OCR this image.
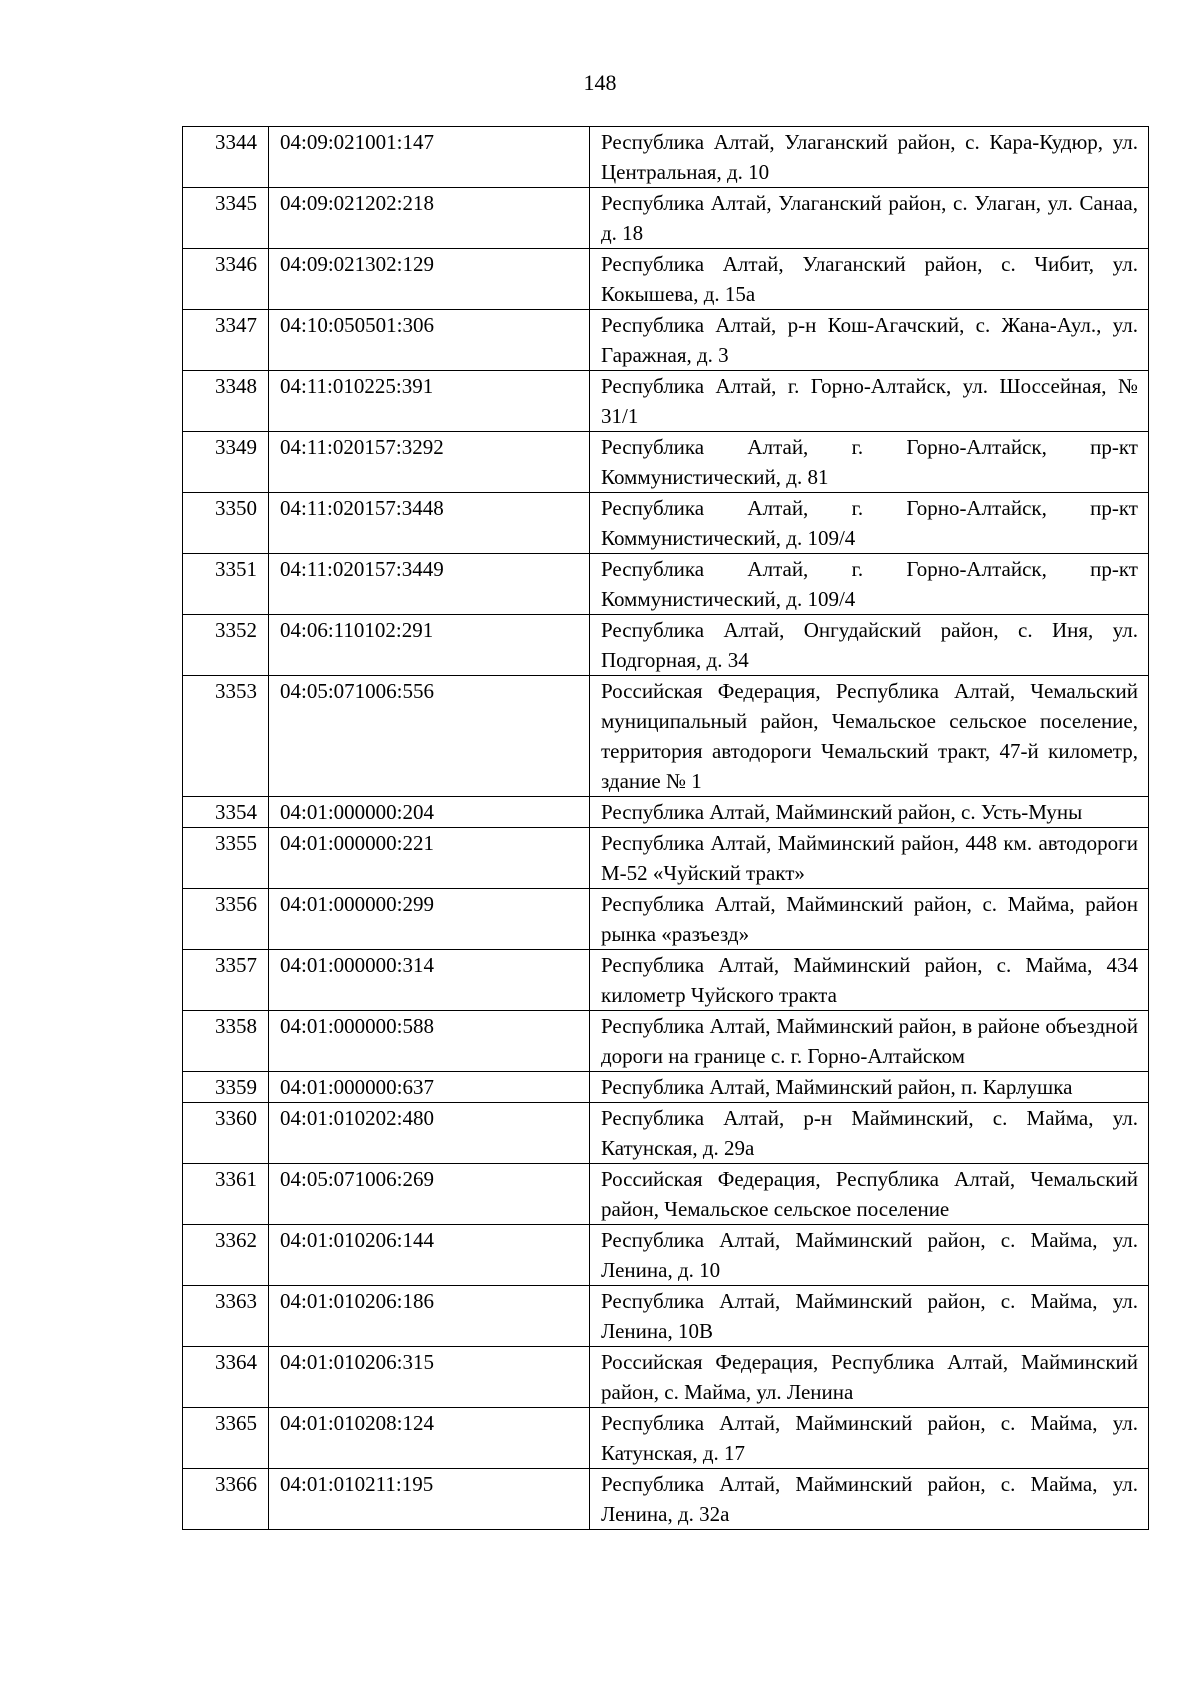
148
3344	04:09:021001:147	Республика Алтай, Улаганский район, с. Кара-Кудюр, ул. Центральная, д. 10
3345	04:09:021202:218	Республика Алтай, Улаганский район, с. Улаган, ул. Санаа, д. 18
3346	04:09:021302:129	Республика Алтай, Улаганский район, с. Чибит, ул. Кокышева, д. 15а
3347	04:10:050501:306	Республика Алтай, р-н Кош-Агачский, с. Жана-Аул., ул. Гаражная, д. 3
3348	04:11:010225:391	Республика Алтай, г. Горно-Алтайск, ул. Шоссейная, № 31/1
3349	04:11:020157:3292	Республика Алтай, г. Горно-Алтайск, пр-кт Коммунистический, д. 81
3350	04:11:020157:3448	Республика Алтай, г. Горно-Алтайск, пр-кт Коммунистический, д. 109/4
3351	04:11:020157:3449	Республика Алтай, г. Горно-Алтайск, пр-кт Коммунистический, д. 109/4
3352	04:06:110102:291	Республика Алтай, Онгудайский район, с. Иня, ул. Подгорная, д. 34
3353	04:05:071006:556	Российская Федерация, Республика Алтай, Чемальский муниципальный район, Чемальское сельское поселение, территория автодороги Чемальский тракт, 47-й километр, здание № 1
3354	04:01:000000:204	Республика Алтай, Майминский район, с. Усть-Муны
3355	04:01:000000:221	Республика Алтай, Майминский район, 448 км. автодороги М-52 «Чуйский тракт»
3356	04:01:000000:299	Республика Алтай, Майминский район, с. Майма, район рынка «разъезд»
3357	04:01:000000:314	Республика Алтай, Майминский район, с. Майма, 434 километр Чуйского тракта
3358	04:01:000000:588	Республика Алтай, Майминский район, в районе объездной дороги на границе с. г. Горно-Алтайском
3359	04:01:000000:637	Республика Алтай, Майминский район, п. Карлушка
3360	04:01:010202:480	Республика Алтай, р-н Майминский, с. Майма, ул. Катунская, д. 29а
3361	04:05:071006:269	Российская Федерация, Республика Алтай, Чемальский район, Чемальское сельское поселение
3362	04:01:010206:144	Республика Алтай, Майминский район, с. Майма, ул. Ленина, д. 10
3363	04:01:010206:186	Республика Алтай, Майминский район, с. Майма, ул. Ленина, 10В
3364	04:01:010206:315	Российская Федерация, Республика Алтай, Майминский район, с. Майма, ул. Ленина
3365	04:01:010208:124	Республика Алтай, Майминский район, с. Майма, ул. Катунская, д. 17
3366	04:01:010211:195	Республика Алтай, Майминский район, с. Майма, ул. Ленина, д. 32а
